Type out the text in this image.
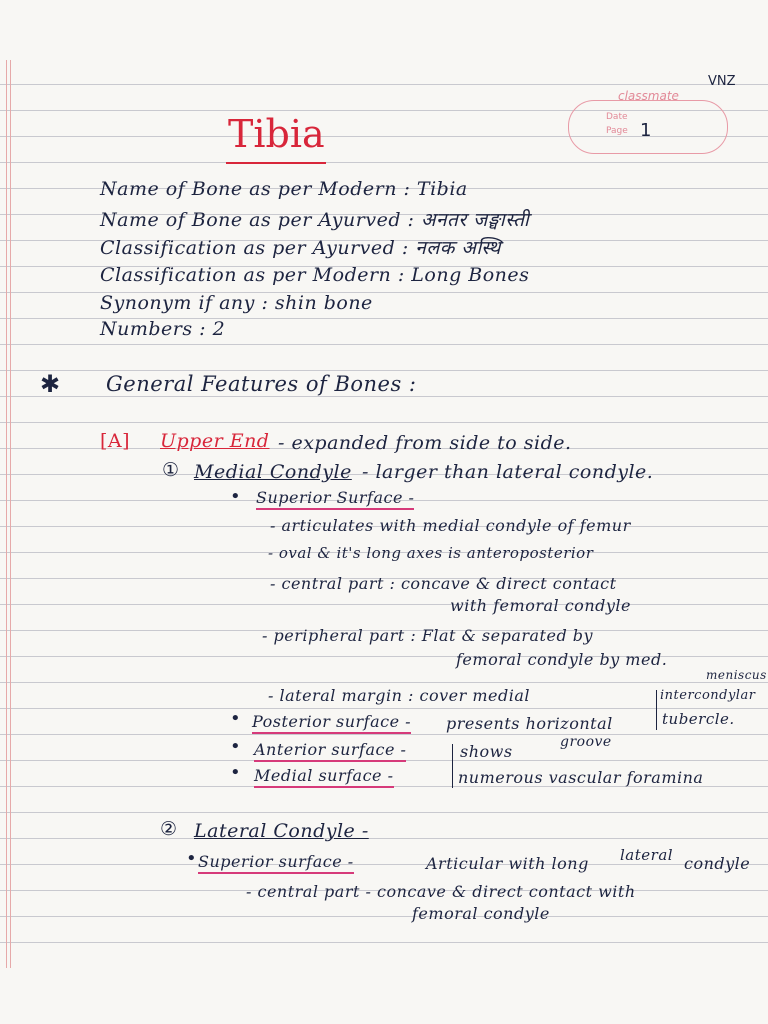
VNZ
classmate
Date
Page 1
Tibia
Name of Bone as per Modern : Tibia
Name of Bone as per Ayurved : अनतर जङ्घास्ती
Classification as per Ayurved : नलक अस्थि
Classification as per Modern : Long Bones
Synonym if any : shin bone
Numbers : 2
✱ General Features of Bones :
[A] Upper End - expanded from side to side.
① Medial Condyle - larger than lateral condyle.
• Superior Surface -
- articulates with medial condyle of femur
- oval & it's long axes is anteroposterior
- central part : concave & direct contact
with femoral condyle
- peripheral part : Flat & separated by
femoral condyle by med.
meniscus
- lateral margin : cover medial	intercondylar
tubercle.
• Posterior surface - presents horizontal
groove
• Anterior surface -	shows
• Medial surface -	numerous vascular foramina
② Lateral Condyle -
• Superior surface -	Articular with long lateral condyle
- central part - concave & direct contact with
femoral condyle
